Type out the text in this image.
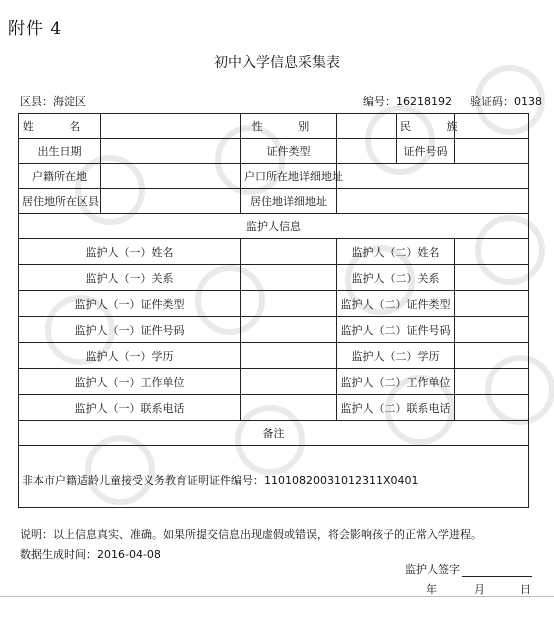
附件 4
初中入学信息采集表
区县：海淀区	编号：16218192 验证码：0138
姓 名		性 别		民 族	
出生日期		证件类型		证件号码	
户籍所在地		户口所在地详细地址			
居住地所在区县		居住地详细地址			
监护人信息					
监护人（一）姓名			监护人（二）姓名		
监护人（一）关系			监护人（二）关系		
监护人（一）证件类型			监护人（二）证件类型		
监护人（一）证件号码			监护人（二）证件号码		
监护人（一）学历			监护人（二）学历		
监护人（一）工作单位			监护人（二）工作单位		
监护人（一）联系电话			监护人（二）联系电话		
备注					
非本市户籍适龄儿童接受义务教育证明证件编号：11010820031012311X0401					
说明：以上信息真实、准确。如果所提交信息出现虚假或错误，将会影响孩子的正常入学进程。
数据生成时间：2016-04-08
监护人签字
年	月	日
